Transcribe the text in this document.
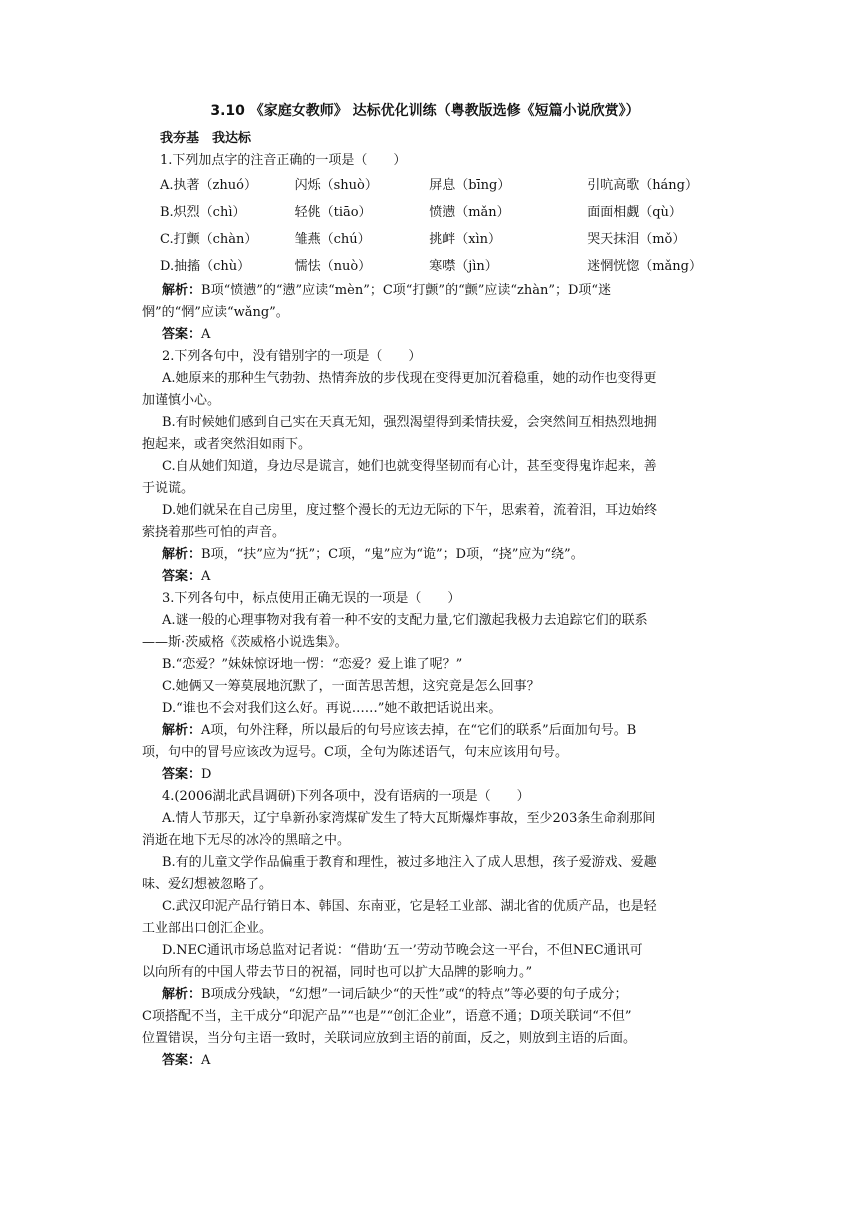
3.10 《家庭女教师》 达标优化训练（粤教版选修《短篇小说欣赏》）
我夯基　我达标
1.下列加点字的注音正确的一项是（　　）
A.执著（zhuó）	闪烁（shuò）	屏息（bīng）	引吭高歌（háng）
B.炽烈（chì）	轻佻（tiāo）	愤懑（mǎn）	面面相觑（qù）
C.打颤（chàn）	雏燕（chú）	挑衅（xìn）	哭天抹泪（mǒ）
D.抽搐（chù）	懦怯（nuò）	寒噤（jìn）	迷惘恍惚（mǎng）
解析：B项“愤懑”的“懑”应读“mèn”；C项“打颤”的“颤”应读“zhàn”；D项“迷
惘”的“惘”应读“wǎng”。
答案：A
2.下列各句中，没有错别字的一项是（　　）
A.她原来的那种生气勃勃、热情奔放的步伐现在变得更加沉着稳重，她的动作也变得更
加谨慎小心。
B.有时候她们感到自己实在天真无知，强烈渴望得到柔情扶爱，会突然间互相热烈地拥
抱起来，或者突然泪如雨下。
C.自从她们知道，身边尽是谎言，她们也就变得坚韧而有心计，甚至变得鬼诈起来，善
于说谎。
D.她们就呆在自己房里，度过整个漫长的无边无际的下午，思索着，流着泪，耳边始终
萦挠着那些可怕的声音。
解析：B项，“扶”应为“抚”；C项，“鬼”应为“诡”；D项，“挠”应为“绕”。
答案：A
3.下列各句中，标点使用正确无误的一项是（　　）
A.谜一般的心理事物对我有着一种不安的支配力量,它们激起我极力去追踪它们的联系
——斯·茨威格《茨威格小说选集》。
B.“恋爱？”妹妹惊讶地一愣：“恋爱？爱上谁了呢？”
C.她俩又一筹莫展地沉默了，一面苦思苦想，这究竟是怎么回事？
D.“谁也不会对我们这么好。再说……”她不敢把话说出来。
解析：A项，句外注释，所以最后的句号应该去掉，在“它们的联系”后面加句号。B
项，句中的冒号应该改为逗号。C项，全句为陈述语气，句末应该用句号。
答案：D
4.(2006湖北武昌调研)下列各项中，没有语病的一项是（　　）
A.情人节那天，辽宁阜新孙家湾煤矿发生了特大瓦斯爆炸事故，至少203条生命刹那间
消逝在地下无尽的冰冷的黑暗之中。
B.有的儿童文学作品偏重于教育和理性，被过多地注入了成人思想，孩子爱游戏、爱趣
味、爱幻想被忽略了。
C.武汉印泥产品行销日本、韩国、东南亚，它是轻工业部、湖北省的优质产品，也是轻
工业部出口创汇企业。
D.NEC通讯市场总监对记者说：“借助‘五一’劳动节晚会这一平台，不但NEC通讯可
以向所有的中国人带去节日的祝福，同时也可以扩大品牌的影响力。”
解析：B项成分残缺，“幻想”一词后缺少“的天性”或“的特点”等必要的句子成分；
C项搭配不当，主干成分“印泥产品”“也是”“创汇企业”，语意不通；D项关联词“不但”
位置错误，当分句主语一致时，关联词应放到主语的前面，反之，则放到主语的后面。
答案：A
